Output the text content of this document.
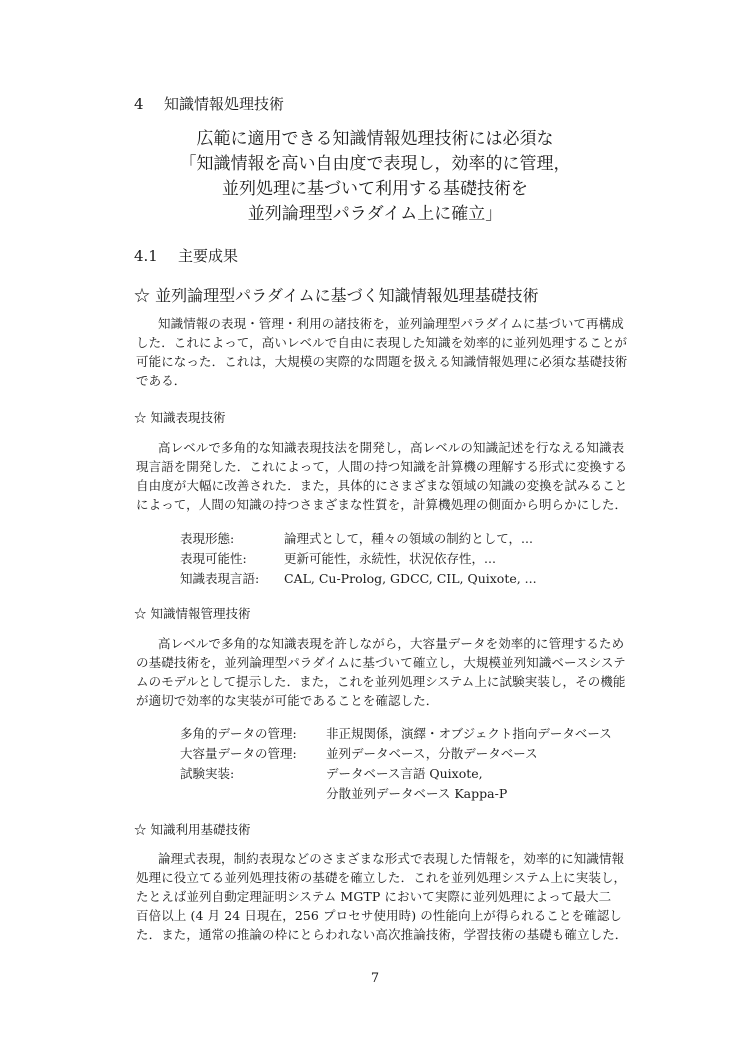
4 知識情報処理技術
広範に適用できる知識情報処理技術には必須な
「知識情報を高い自由度で表現し，効率的に管理，
並列処理に基づいて利用する基礎技術を
並列論理型パラダイム上に確立」
4.1 主要成果
☆ 並列論理型パラダイムに基づく知識情報処理基礎技術
知識情報の表現・管理・利用の諸技術を，並列論理型パラダイムに基づいて再構成
した．これによって，高いレベルで自由に表現した知識を効率的に並列処理することが
可能になった．これは，大規模の実際的な問題を扱える知識情報処理に必須な基礎技術
である．
☆ 知識表現技術
高レベルで多角的な知識表現技法を開発し，高レベルの知識記述を行なえる知識表
現言語を開発した．これによって，人間の持つ知識を計算機の理解する形式に変換する
自由度が大幅に改善された．また，具体的にさまざまな領域の知識の変換を試みること
によって，人間の知識の持つさまざまな性質を，計算機処理の側面から明らかにした．
表現形態:	論理式として，種々の領域の制約として，...
表現可能性:	更新可能性，永続性，状況依存性，...
知識表現言語:	CAL, Cu-Prolog, GDCC, CIL, Quixote, ...
☆ 知識情報管理技術
高レベルで多角的な知識表現を許しながら，大容量データを効率的に管理するため
の基礎技術を，並列論理型パラダイムに基づいて確立し，大規模並列知識ベースシステ
ムのモデルとして提示した．また，これを並列処理システム上に試験実装し，その機能
が適切で効率的な実装が可能であることを確認した．
多角的データの管理:	非正規関係，演繹・オブジェクト指向データベース
大容量データの管理:	並列データベース，分散データベース
試験実装:	データベース言語 Quixote,
分散並列データベース Kappa-P
☆ 知識利用基礎技術
論理式表現，制約表現などのさまざまな形式で表現した情報を，効率的に知識情報
処理に役立てる並列処理技術の基礎を確立した．これを並列処理システム上に実装し，
たとえば並列自動定理証明システム MGTP において実際に並列処理によって最大二
百倍以上 (4 月 24 日現在，256 プロセサ使用時) の性能向上が得られることを確認し
た．また，通常の推論の枠にとらわれない高次推論技術，学習技術の基礎も確立した．
7
